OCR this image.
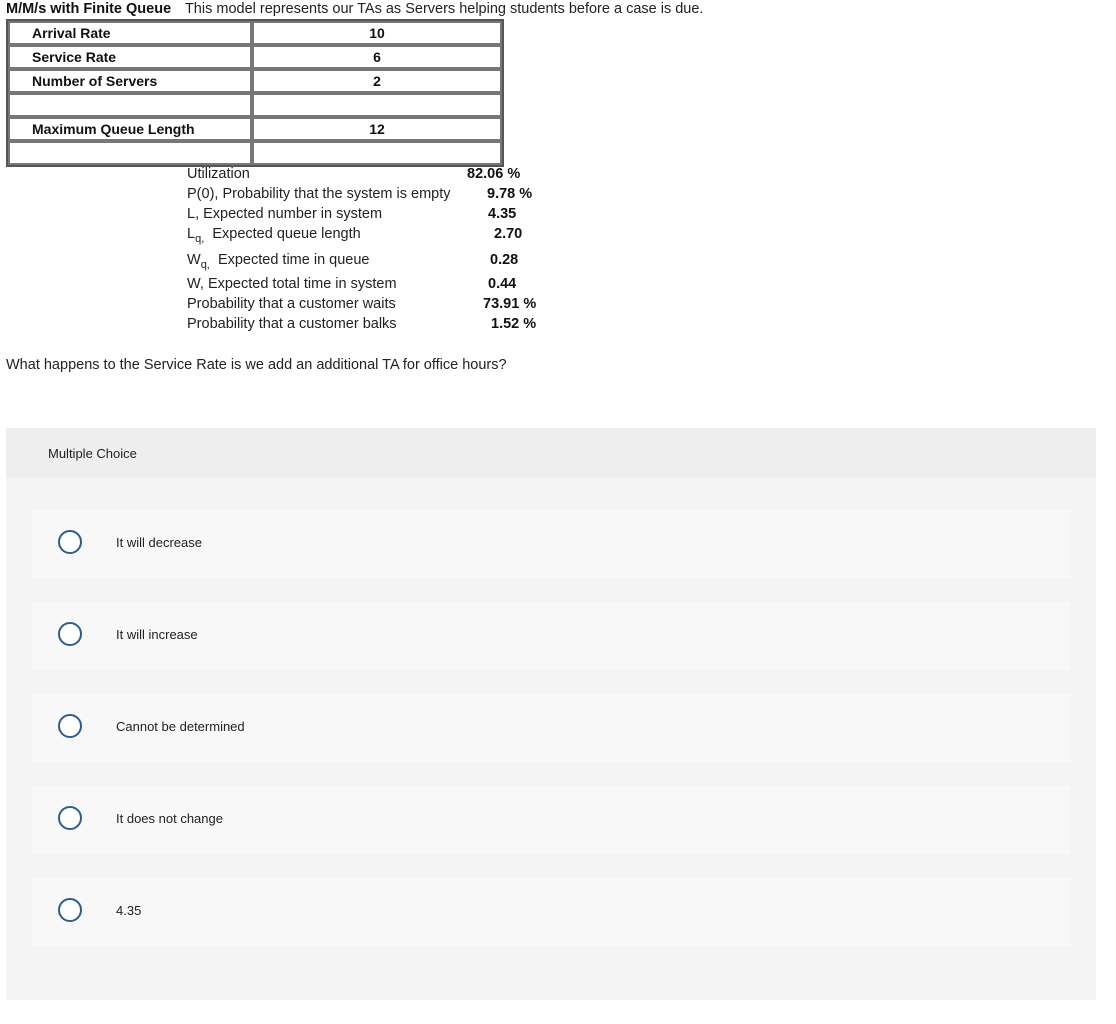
M/M/s with Finite Queue This model represents our TAs as Servers helping students before a case is due.
Arrival Rate	10
Service Rate	6
Number of Servers	2

Maximum Queue Length	12

Utilization	82.06 %
P(0), Probability that the system is empty	9.78 %
L, Expected number in system	4.35
$L_{q,}$ Expected queue length	2.70
$W_{q,}$ Expected time in queue	0.28
W, Expected total time in system	0.44
Probability that a customer waits	73.91 %
Probability that a customer balks	1.52 %
What happens to the Service Rate is we add an additional TA for office hours?
Multiple Choice
It will decrease
It will increase
Cannot be determined
It does not change
4.35
